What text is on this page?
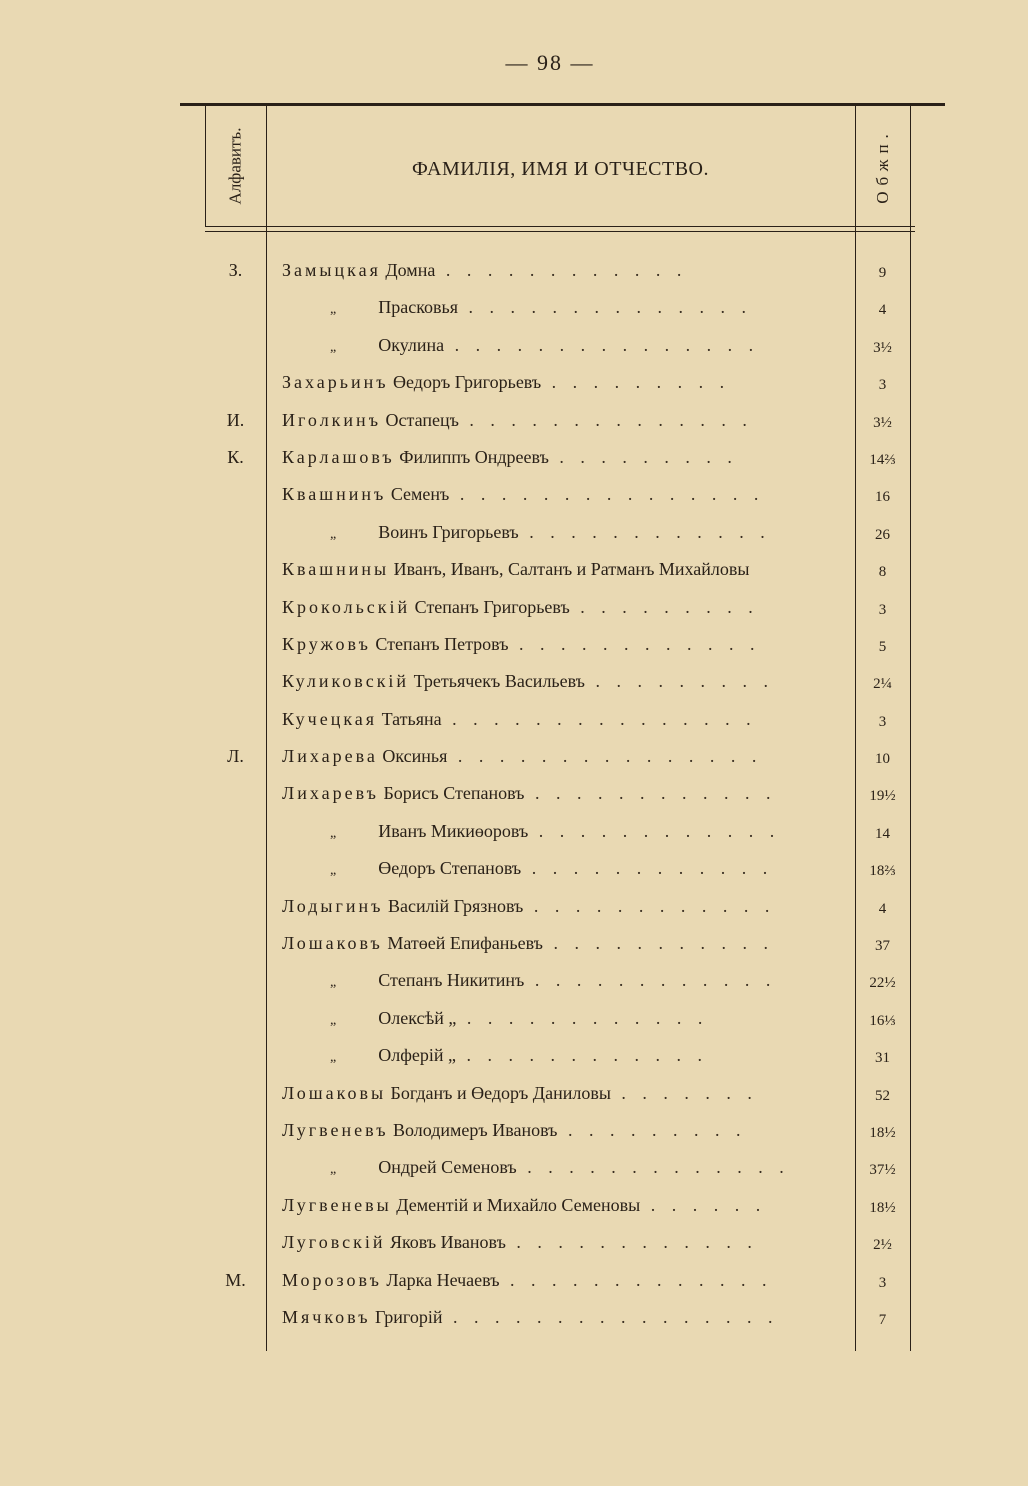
— 98 —
Алфавитъ.	ФАМИЛІЯ, ИМЯ И ОТЧЕСТВО.	Обжп.
З.	Замыцкая Домна . . . . . . . . . . . .	9
„ Прасковья . . . . . . . . . . . . . .	4
„ Окулина . . . . . . . . . . . . . . .	3½
Захарьинъ Өедоръ Григорьевъ . . . . . . . . .	3
И.	Иголкинъ Остапецъ . . . . . . . . . . . . . .	3½
К.	Карлашовъ Филиппъ Ондреевъ . . . . . . . . .	14⅔
Квашнинъ Семенъ . . . . . . . . . . . . . . .	16
„ Воинъ Григорьевъ . . . . . . . . . . . .	26
Квашнины Иванъ, Иванъ, Салтанъ и Ратманъ Михайловы	8
Крокольскій Степанъ Григорьевъ . . . . . . . . .	3
Кружовъ Степанъ Петровъ . . . . . . . . . . . .	5
Куликовскій Третьячекъ Васильевъ . . . . . . . . .	2¼
Кучецкая Татьяна . . . . . . . . . . . . . . .	3
Л.	Лихарева Оксинья . . . . . . . . . . . . . . .	10
Лихаревъ Борисъ Степановъ . . . . . . . . . . . .	19½
„ Иванъ Микиөоровъ . . . . . . . . . . . .	14
„ Өедоръ Степановъ . . . . . . . . . . . .	18⅔
Лодыгинъ Василій Грязновъ . . . . . . . . . . . .	4
Лошаковъ Матөей Епифаньевъ . . . . . . . . . . .	37
„ Степанъ Никитинъ . . . . . . . . . . . .	22½
„ Олексѣй „ . . . . . . . . . . . .	16⅓
„ Олферій „ . . . . . . . . . . . .	31
Лошаковы Богданъ и Өедоръ Даниловы . . . . . . .	52
Лугвеневъ Володимеръ Ивановъ . . . . . . . . .	18½
„ Ондрей Семеновъ . . . . . . . . . . . . .	37½
Лугвеневы Дементій и Михайло Семеновы . . . . . .	18½
Луговскій Яковъ Ивановъ . . . . . . . . . . . .	2½
М.	Морозовъ Ларка Нечаевъ . . . . . . . . . . . . .	3
Мячковъ Григорій . . . . . . . . . . . . . . . .	7
